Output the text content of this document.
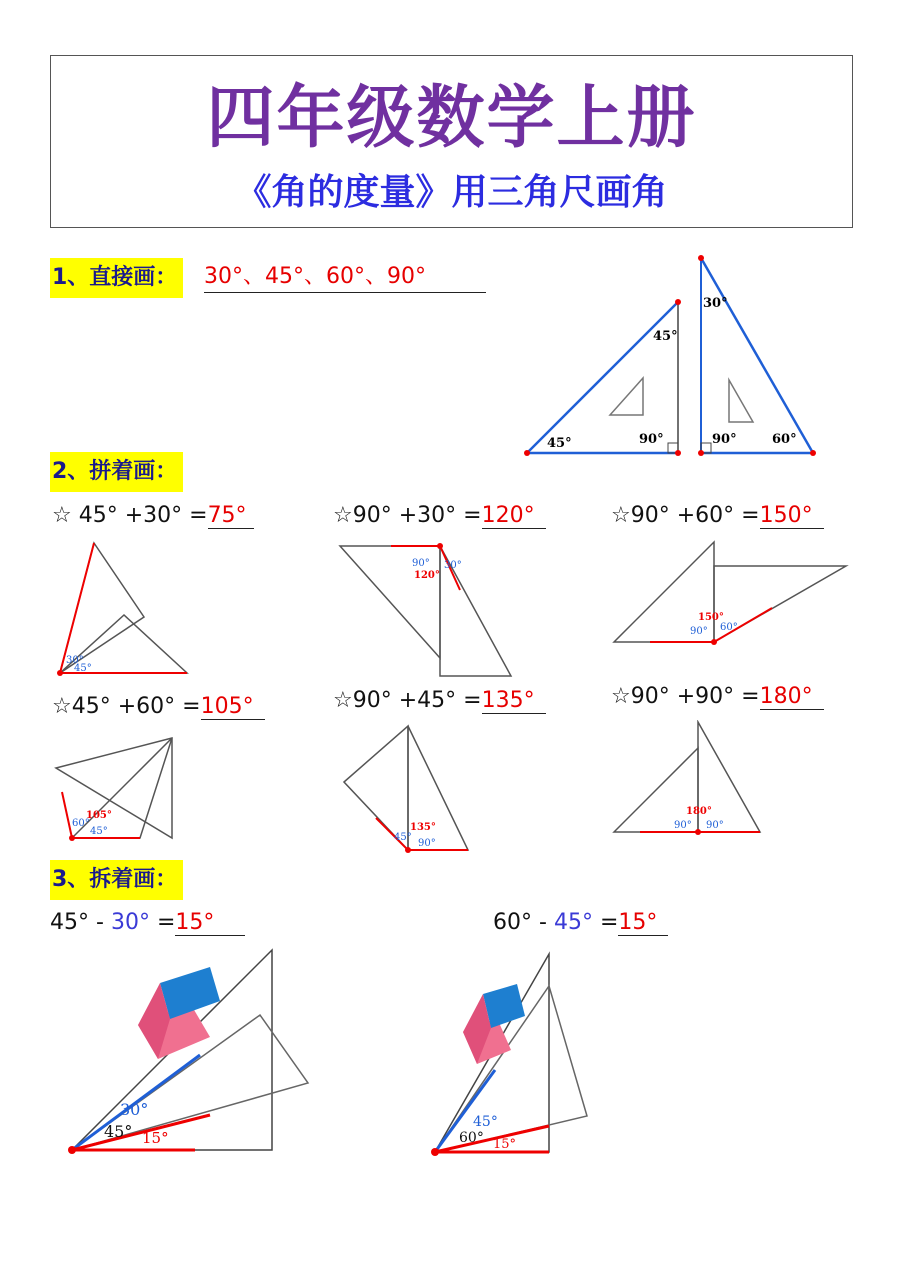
四年级数学上册
《角的度量》用三角尺画角
1、直接画： 30°、45°、60°、90°
45°
45°
90°
30°
90°	60°
2、拼着画：
☆ 45° +30° =75°	☆90° +30° =120°	☆90° +60° =150°
30°
45°
90° 30°
120°
150°
90° 60°
☆45° +60° =105°	☆90° +45° =135°	☆90° +90° =180°
105°
60°
45°	135°
45°
90°
180°
90° 90°
3、拆着画：
45° - 30° =15°	60° - 45° =15°
30°
45° 15°
45°
60° 15°
